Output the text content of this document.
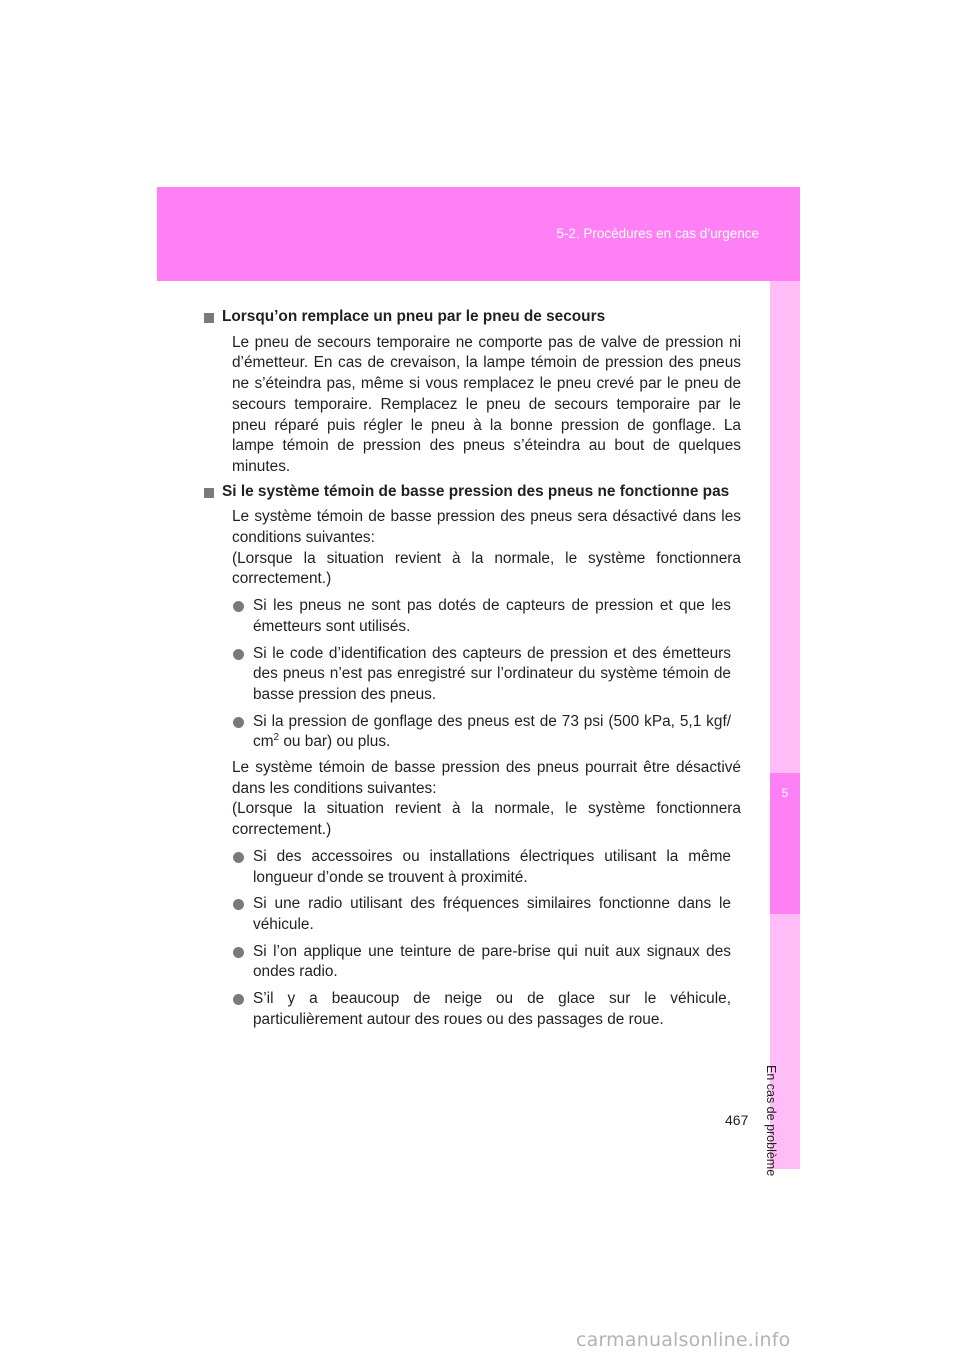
5-2. Procédures en cas d’urgence
5
En cas de problème
Lorsqu’on remplace un pneu par le pneu de secours
Le pneu de secours temporaire ne comporte pas de valve de pression ni d’émetteur. En cas de crevaison, la lampe témoin de pression des pneus ne s’éteindra pas, même si vous remplacez le pneu crevé par le pneu de secours temporaire. Remplacez le pneu de secours temporaire par le pneu réparé puis régler le pneu à la bonne pression de gonflage. La lampe témoin de pression des pneus s’éteindra au bout de quelques minutes.
Si le système témoin de basse pression des pneus ne fonctionne pas
Le système témoin de basse pression des pneus sera désactivé dans les conditions suivantes:
(Lorsque la situation revient à la normale, le système fonctionnera correctement.)
Si les pneus ne sont pas dotés de capteurs de pression et que les émetteurs sont utilisés.
Si le code d’identification des capteurs de pression et des émetteurs des pneus n’est pas enregistré sur l’ordinateur du système témoin de basse pression des pneus.
Si la pression de gonflage des pneus est de 73 psi (500 kPa, 5,1 kgf/ $cm^2$ ou bar) ou plus.
Le système témoin de basse pression des pneus pourrait être désactivé dans les conditions suivantes:
(Lorsque la situation revient à la normale, le système fonctionnera correctement.)
Si des accessoires ou installations électriques utilisant la même longueur d’onde se trouvent à proximité.
Si une radio utilisant des fréquences similaires fonctionne dans le véhicule.
Si l’on applique une teinture de pare-brise qui nuit aux signaux des ondes radio.
S’il y a beaucoup de neige ou de glace sur le véhicule, particulièrement autour des roues ou des passages de roue.
467
carmanualsonline.info
